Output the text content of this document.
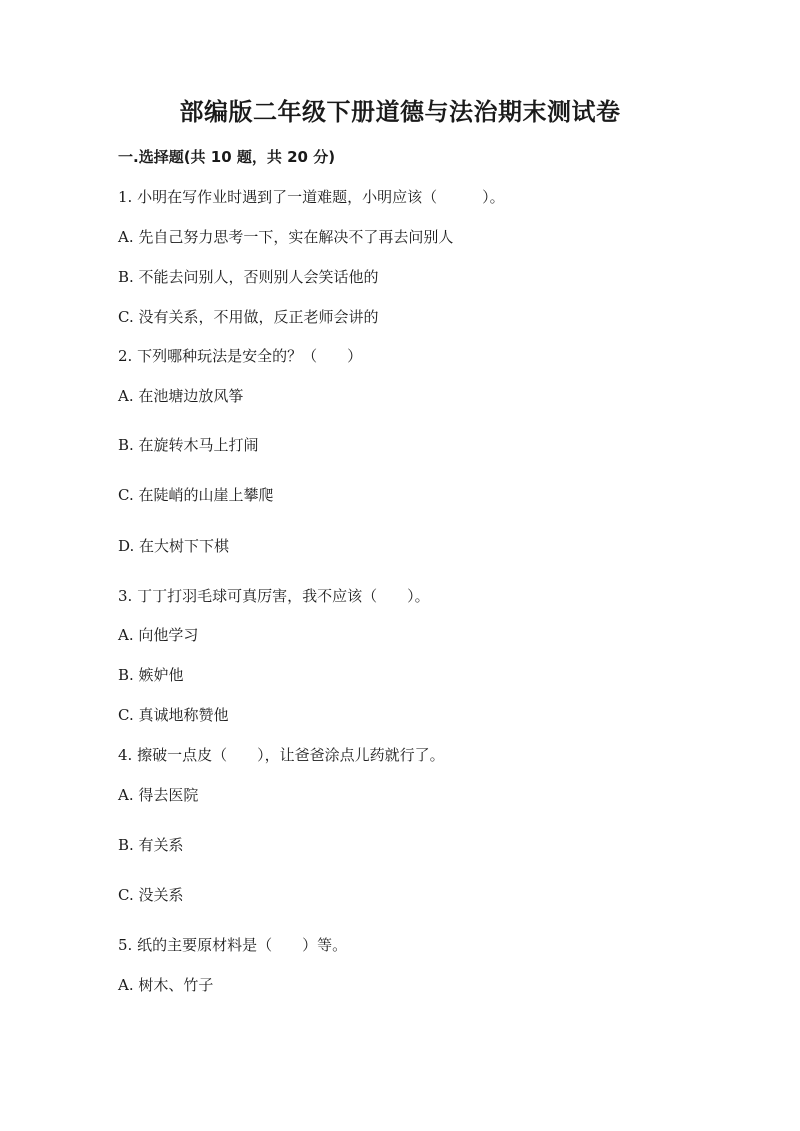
部编版二年级下册道德与法治期末测试卷
一.选择题(共 10 题，共 20 分)
1. 小明在写作业时遇到了一道难题，小明应该（　　　）。
A. 先自己努力思考一下，实在解决不了再去问别人
B. 不能去问别人，否则别人会笑话他的
C. 没有关系，不用做，反正老师会讲的
2. 下列哪种玩法是安全的？（　　）
A. 在池塘边放风筝
B. 在旋转木马上打闹
C. 在陡峭的山崖上攀爬
D. 在大树下下棋
3. 丁丁打羽毛球可真厉害，我不应该（　　）。
A. 向他学习
B. 嫉妒他
C. 真诚地称赞他
4. 擦破一点皮（　　），让爸爸涂点儿药就行了。
A. 得去医院
B. 有关系
C. 没关系
5. 纸的主要原材料是（　　）等。
A. 树木、竹子
